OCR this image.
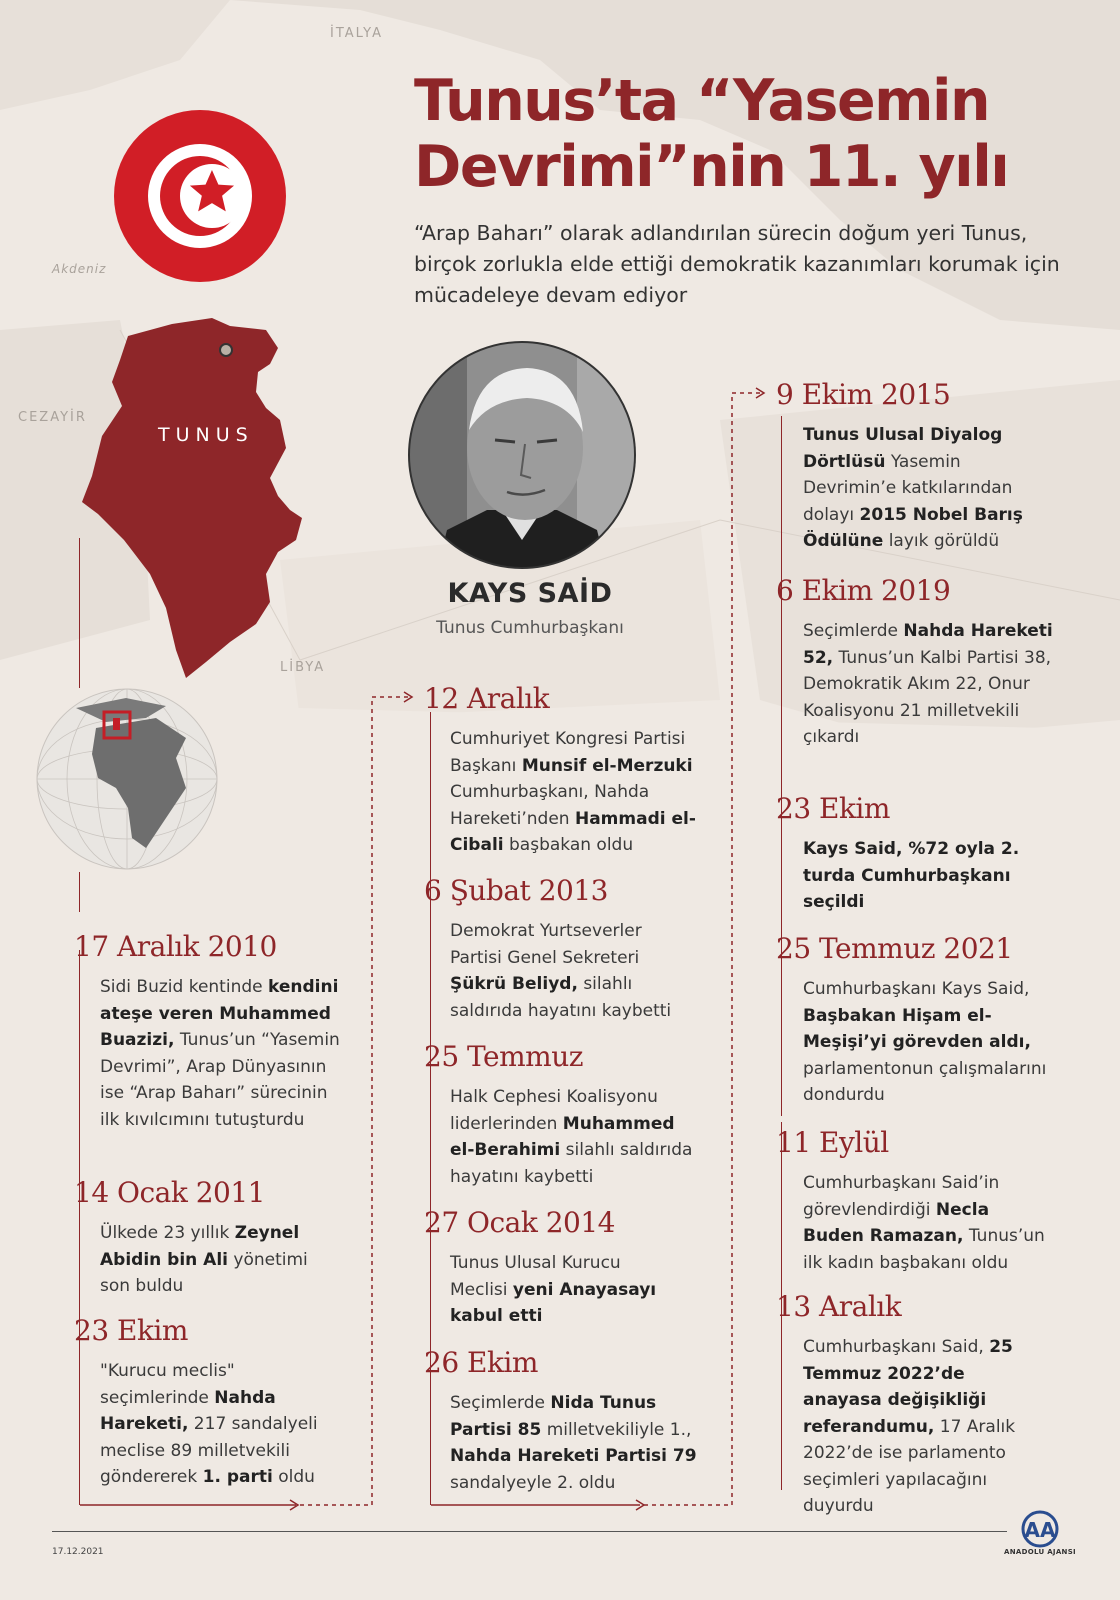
İTALYA
Akdeniz
CEZAYİR
LİBYA
Tunus’ta “Yasemin Devrimi”nin 11. yılı
“Arap Baharı” olarak adlandırılan sürecin doğum yeri Tunus, birçok zorlukla elde ettiği demokratik kazanımları korumak için mücadeleye devam ediyor
TUNUS
KAYS SAİD
Tunus Cumhurbaşkanı
17 Aralık 2010
Sidi Buzid kentinde kendini ateşe veren Muhammed Buazizi, Tunus’un “Yasemin Devrimi”, Arap Dünyasının ise “Arap Baharı” sürecinin ilk kıvılcımını tutuşturdu
14 Ocak 2011
Ülkede 23 yıllık Zeynel Abidin bin Ali yönetimi son buldu
23 Ekim
"Kurucu meclis" seçimlerinde Nahda Hareketi, 217 sandalyeli meclise 89 milletvekili göndererek 1. parti oldu
12 Aralık
Cumhuriyet Kongresi Partisi Başkanı Munsif el-Merzuki Cumhurbaşkanı, Nahda Hareketi’nden Hammadi el-Cibali başbakan oldu
6 Şubat 2013
Demokrat Yurtseverler Partisi Genel Sekreteri Şükrü Beliyd, silahlı saldırıda hayatını kaybetti
25 Temmuz
Halk Cephesi Koalisyonu liderlerinden Muhammed el-Berahimi silahlı saldırıda hayatını kaybetti
27 Ocak 2014
Tunus Ulusal Kurucu Meclisi yeni Anayasayı kabul etti
26 Ekim
Seçimlerde Nida Tunus Partisi 85 milletvekiliyle 1., Nahda Hareketi Partisi 79 sandalyeyle 2. oldu
9 Ekim 2015
Tunus Ulusal Diyalog Dörtlüsü Yasemin Devrimin’e katkılarından dolayı 2015 Nobel Barış Ödülüne layık görüldü
6 Ekim 2019
Seçimlerde Nahda Hareketi 52, Tunus’un Kalbi Partisi 38, Demokratik Akım 22, Onur Koalisyonu 21 milletvekili çıkardı
23 Ekim
Kays Said, %72 oyla 2. turda Cumhurbaşkanı seçildi
25 Temmuz 2021
Cumhurbaşkanı Kays Said, Başbakan Hişam el-Meşişi’yi görevden aldı, parlamentonun çalışmalarını dondurdu
11 Eylül
Cumhurbaşkanı Said’in görevlendirdiği Necla Buden Ramazan, Tunus’un ilk kadın başbakanı oldu
13 Aralık
Cumhurbaşkanı Said, 25 Temmuz 2022’de anayasa değişikliği referandumu, 17 Aralık 2022’de ise parlamento seçimleri yapılacağını duyurdu
17.12.2021
AA
ANADOLU AJANSI
